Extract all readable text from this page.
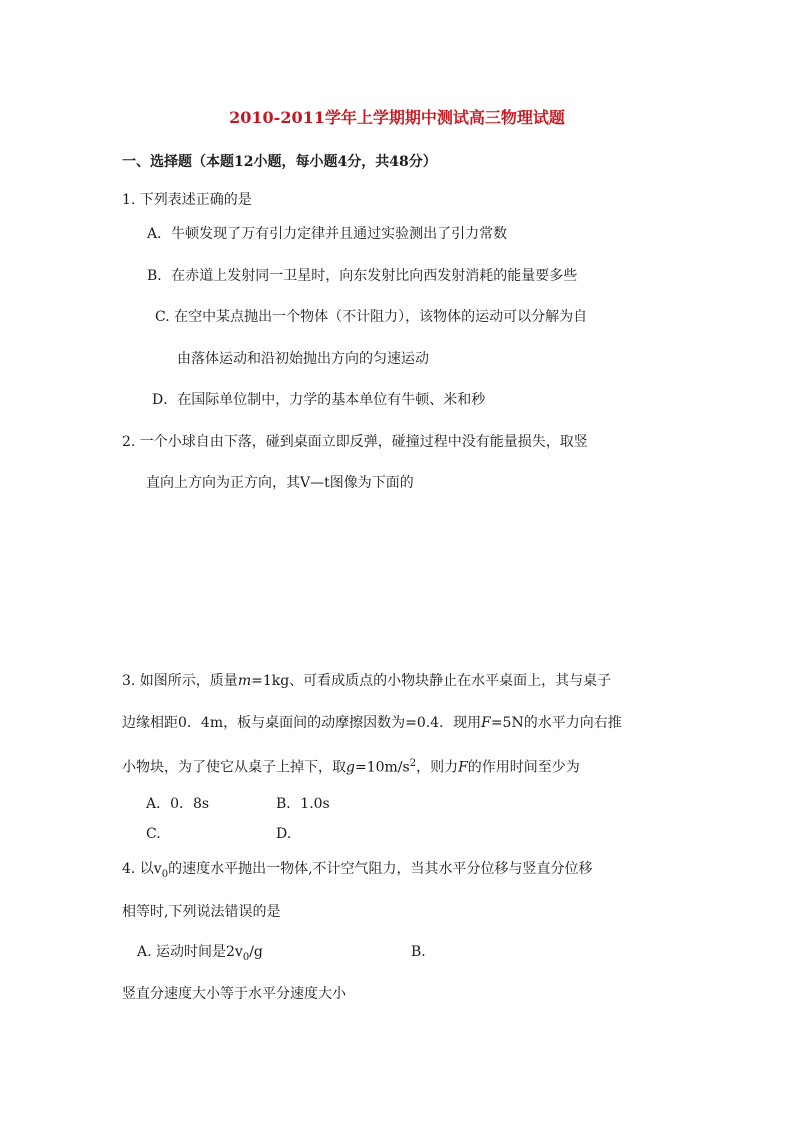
2010-2011学年上学期期中测试高三物理试题
一、选择题（本题12小题，每小题4分，共48分）
1. 下列表述正确的是
A．牛顿发现了万有引力定律并且通过实验测出了引力常数
B．在赤道上发射同一卫星时，向东发射比向西发射消耗的能量要多些
C. 在空中某点抛出一个物体（不计阻力），该物体的运动可以分解为自
由落体运动和沿初始抛出方向的匀速运动
D．在国际单位制中，力学的基本单位有牛顿、米和秒
2. 一个小球自由下落，碰到桌面立即反弹，碰撞过程中没有能量损失，取竖
直向上方向为正方向，其V—t图像为下面的
3. 如图所示，质量m=1kg、可看成质点的小物块静止在水平桌面上，其与桌子
边缘相距0．4m，板与桌面间的动摩擦因数为=0.4．现用F=5N的水平力向右推
小物块，为了使它从桌子上掉下，取$g=10m/s^2$，则力F的作用时间至少为
A．0．8s	B．1.0s
C.	D.
4. 以$v_0$的速度水平抛出一物体,不计空气阻力，当其水平分位移与竖直分位移
相等时,下列说法错误的是
A. 运动时间是$2v_0/g$	B.
竖直分速度大小等于水平分速度大小
